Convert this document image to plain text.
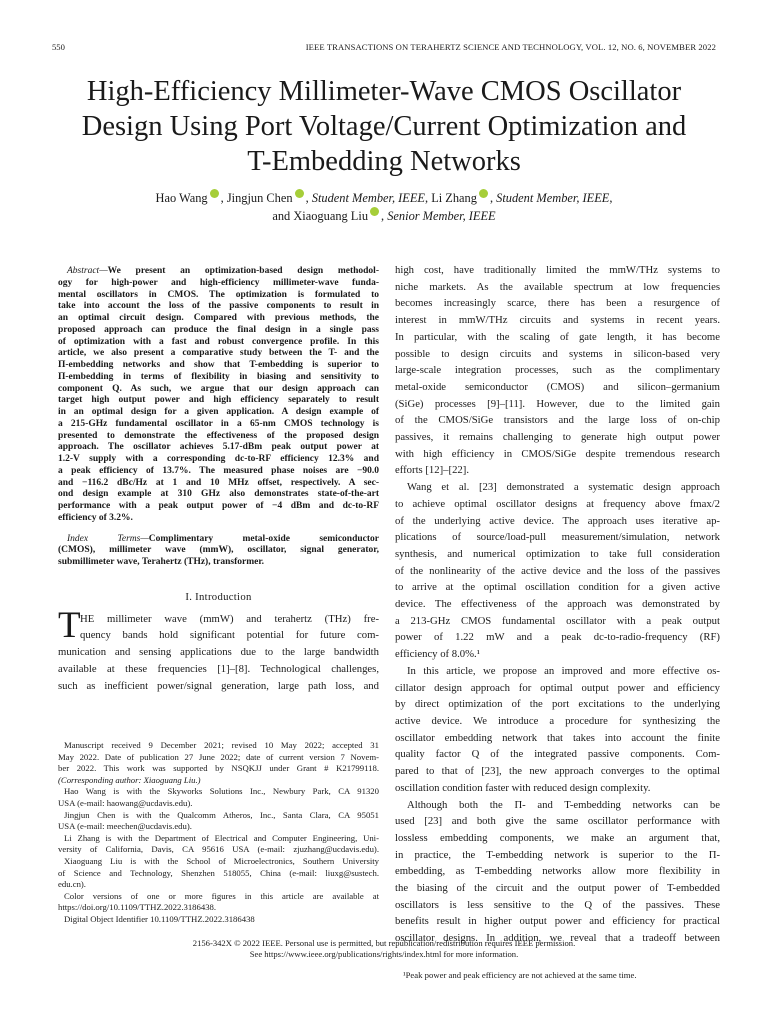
550	IEEE TRANSACTIONS ON TERAHERTZ SCIENCE AND TECHNOLOGY, VOL. 12, NO. 6, NOVEMBER 2022
High-Efficiency Millimeter-Wave CMOS Oscillator
Design Using Port Voltage/Current Optimization and
T-Embedding Networks
Hao Wang , Jingjun Chen , Student Member, IEEE, Li Zhang , Student Member, IEEE,
and Xiaoguang Liu , Senior Member, IEEE
Abstract—We present an optimization-based design methodol-
ogy for high-power and high-efficiency millimeter-wave funda-
mental oscillators in CMOS. The optimization is formulated to
take into account the loss of the passive components to result in
an optimal circuit design. Compared with previous methods, the
proposed approach can produce the final design in a single pass
of optimization with a fast and robust convergence profile. In this
article, we also present a comparative study between the T- and the
Π-embedding networks and show that T-embedding is superior to
Π-embedding in terms of flexibility in biasing and sensitivity to
component Q. As such, we argue that our design approach can
target high output power and high efficiency separately to result
in an optimal design for a given application. A design example of
a 215-GHz fundamental oscillator in a 65-nm CMOS technology is
presented to demonstrate the effectiveness of the proposed design
approach. The oscillator achieves 5.17-dBm peak output power at
1.2-V supply with a corresponding dc-to-RF efficiency 12.3% and
a peak efficiency of 13.7%. The measured phase noises are −90.0
and −116.2 dBc/Hz at 1 and 10 MHz offset, respectively. A sec-
ond design example at 310 GHz also demonstrates state-of-the-art
performance with a peak output power of −4 dBm and dc-to-RF
efficiency of 3.2%.
Index Terms—Complimentary metal-oxide semiconductor
(CMOS), millimeter wave (mmW), oscillator, signal generator,
submillimeter wave, Terahertz (THz), transformer.
I. Introduction
T HE millimeter wave (mmW) and terahertz (THz) fre-
quency bands hold significant potential for future com-
munication and sensing applications due to the large bandwidth
available at these frequencies [1]–[8]. Technological challenges,
such as inefficient power/signal generation, large path loss, and
Manuscript received 9 December 2021; revised 10 May 2022; accepted 31
May 2022. Date of publication 27 June 2022; date of current version 7 Novem-
ber 2022. This work was supported by NSQKJJ under Grant # K21799118.
(Corresponding author: Xiaoguang Liu.)
Hao Wang is with the Skyworks Solutions Inc., Newbury Park, CA 91320
USA (e-mail: haowang@ucdavis.edu).
Jingjun Chen is with the Qualcomm Atheros, Inc., Santa Clara, CA 95051
USA (e-mail: meechen@ucdavis.edu).
Li Zhang is with the Department of Electrical and Computer Engineering, Uni-
versity of California, Davis, CA 95616 USA (e-mail: zjuzhang@ucdavis.edu).
Xiaoguang Liu is with the School of Microelectronics, Southern University
of Science and Technology, Shenzhen 518055, China (e-mail: liuxg@sustech.
edu.cn).
Color versions of one or more figures in this article are available at
https://doi.org/10.1109/TTHZ.2022.3186438.
Digital Object Identifier 10.1109/TTHZ.2022.3186438
high cost, have traditionally limited the mmW/THz systems to
niche markets. As the available spectrum at low frequencies
becomes increasingly scarce, there has been a resurgence of
interest in mmW/THz circuits and systems in recent years.
In particular, with the scaling of gate length, it has become
possible to design circuits and systems in silicon-based very
large-scale integration processes, such as the complimentary
metal-oxide semiconductor (CMOS) and silicon–germanium
(SiGe) processes [9]–[11]. However, due to the limited gain
of the CMOS/SiGe transistors and the large loss of on-chip
passives, it remains challenging to generate high output power
with high efficiency in CMOS/SiGe despite tremendous research
efforts [12]–[22].
Wang et al. [23] demonstrated a systematic design approach
to achieve optimal oscillator designs at frequency above fmax/2
of the underlying active device. The approach uses iterative ap-
plications of source/load-pull measurement/simulation, network
synthesis, and numerical optimization to take full consideration
of the nonlinearity of the active device and the loss of the passives
to arrive at the optimal oscillation condition for a given active
device. The effectiveness of the approach was demonstrated by
a 213-GHz CMOS fundamental oscillator with a peak output
power of 1.22 mW and a peak dc-to-radio-frequency (RF)
efficiency of 8.0%.¹
In this article, we propose an improved and more effective os-
cillator design approach for optimal output power and efficiency
by direct optimization of the port excitations to the underlying
active device. We introduce a procedure for synthesizing the
oscillator embedding network that takes into account the finite
quality factor Q of the integrated passive components. Com-
pared to that of [23], the new approach converges to the optimal
oscillation condition faster with reduced design complexity.
Although both the Π- and T-embedding networks can be
used [23] and both give the same oscillator performance with
lossless embedding components, we make an argument that,
in practice, the T-embedding network is superior to the Π-
embedding, as T-embedding networks allow more flexibility in
the biasing of the circuit and the output power of T-embedded
oscillators is less sensitive to the Q of the passives. These
benefits result in higher output power and efficiency for practical
oscillator designs. In addition, we reveal that a tradeoff between
¹Peak power and peak efficiency are not achieved at the same time.
2156-342X © 2022 IEEE. Personal use is permitted, but republication/redistribution requires IEEE permission.
See https://www.ieee.org/publications/rights/index.html for more information.
